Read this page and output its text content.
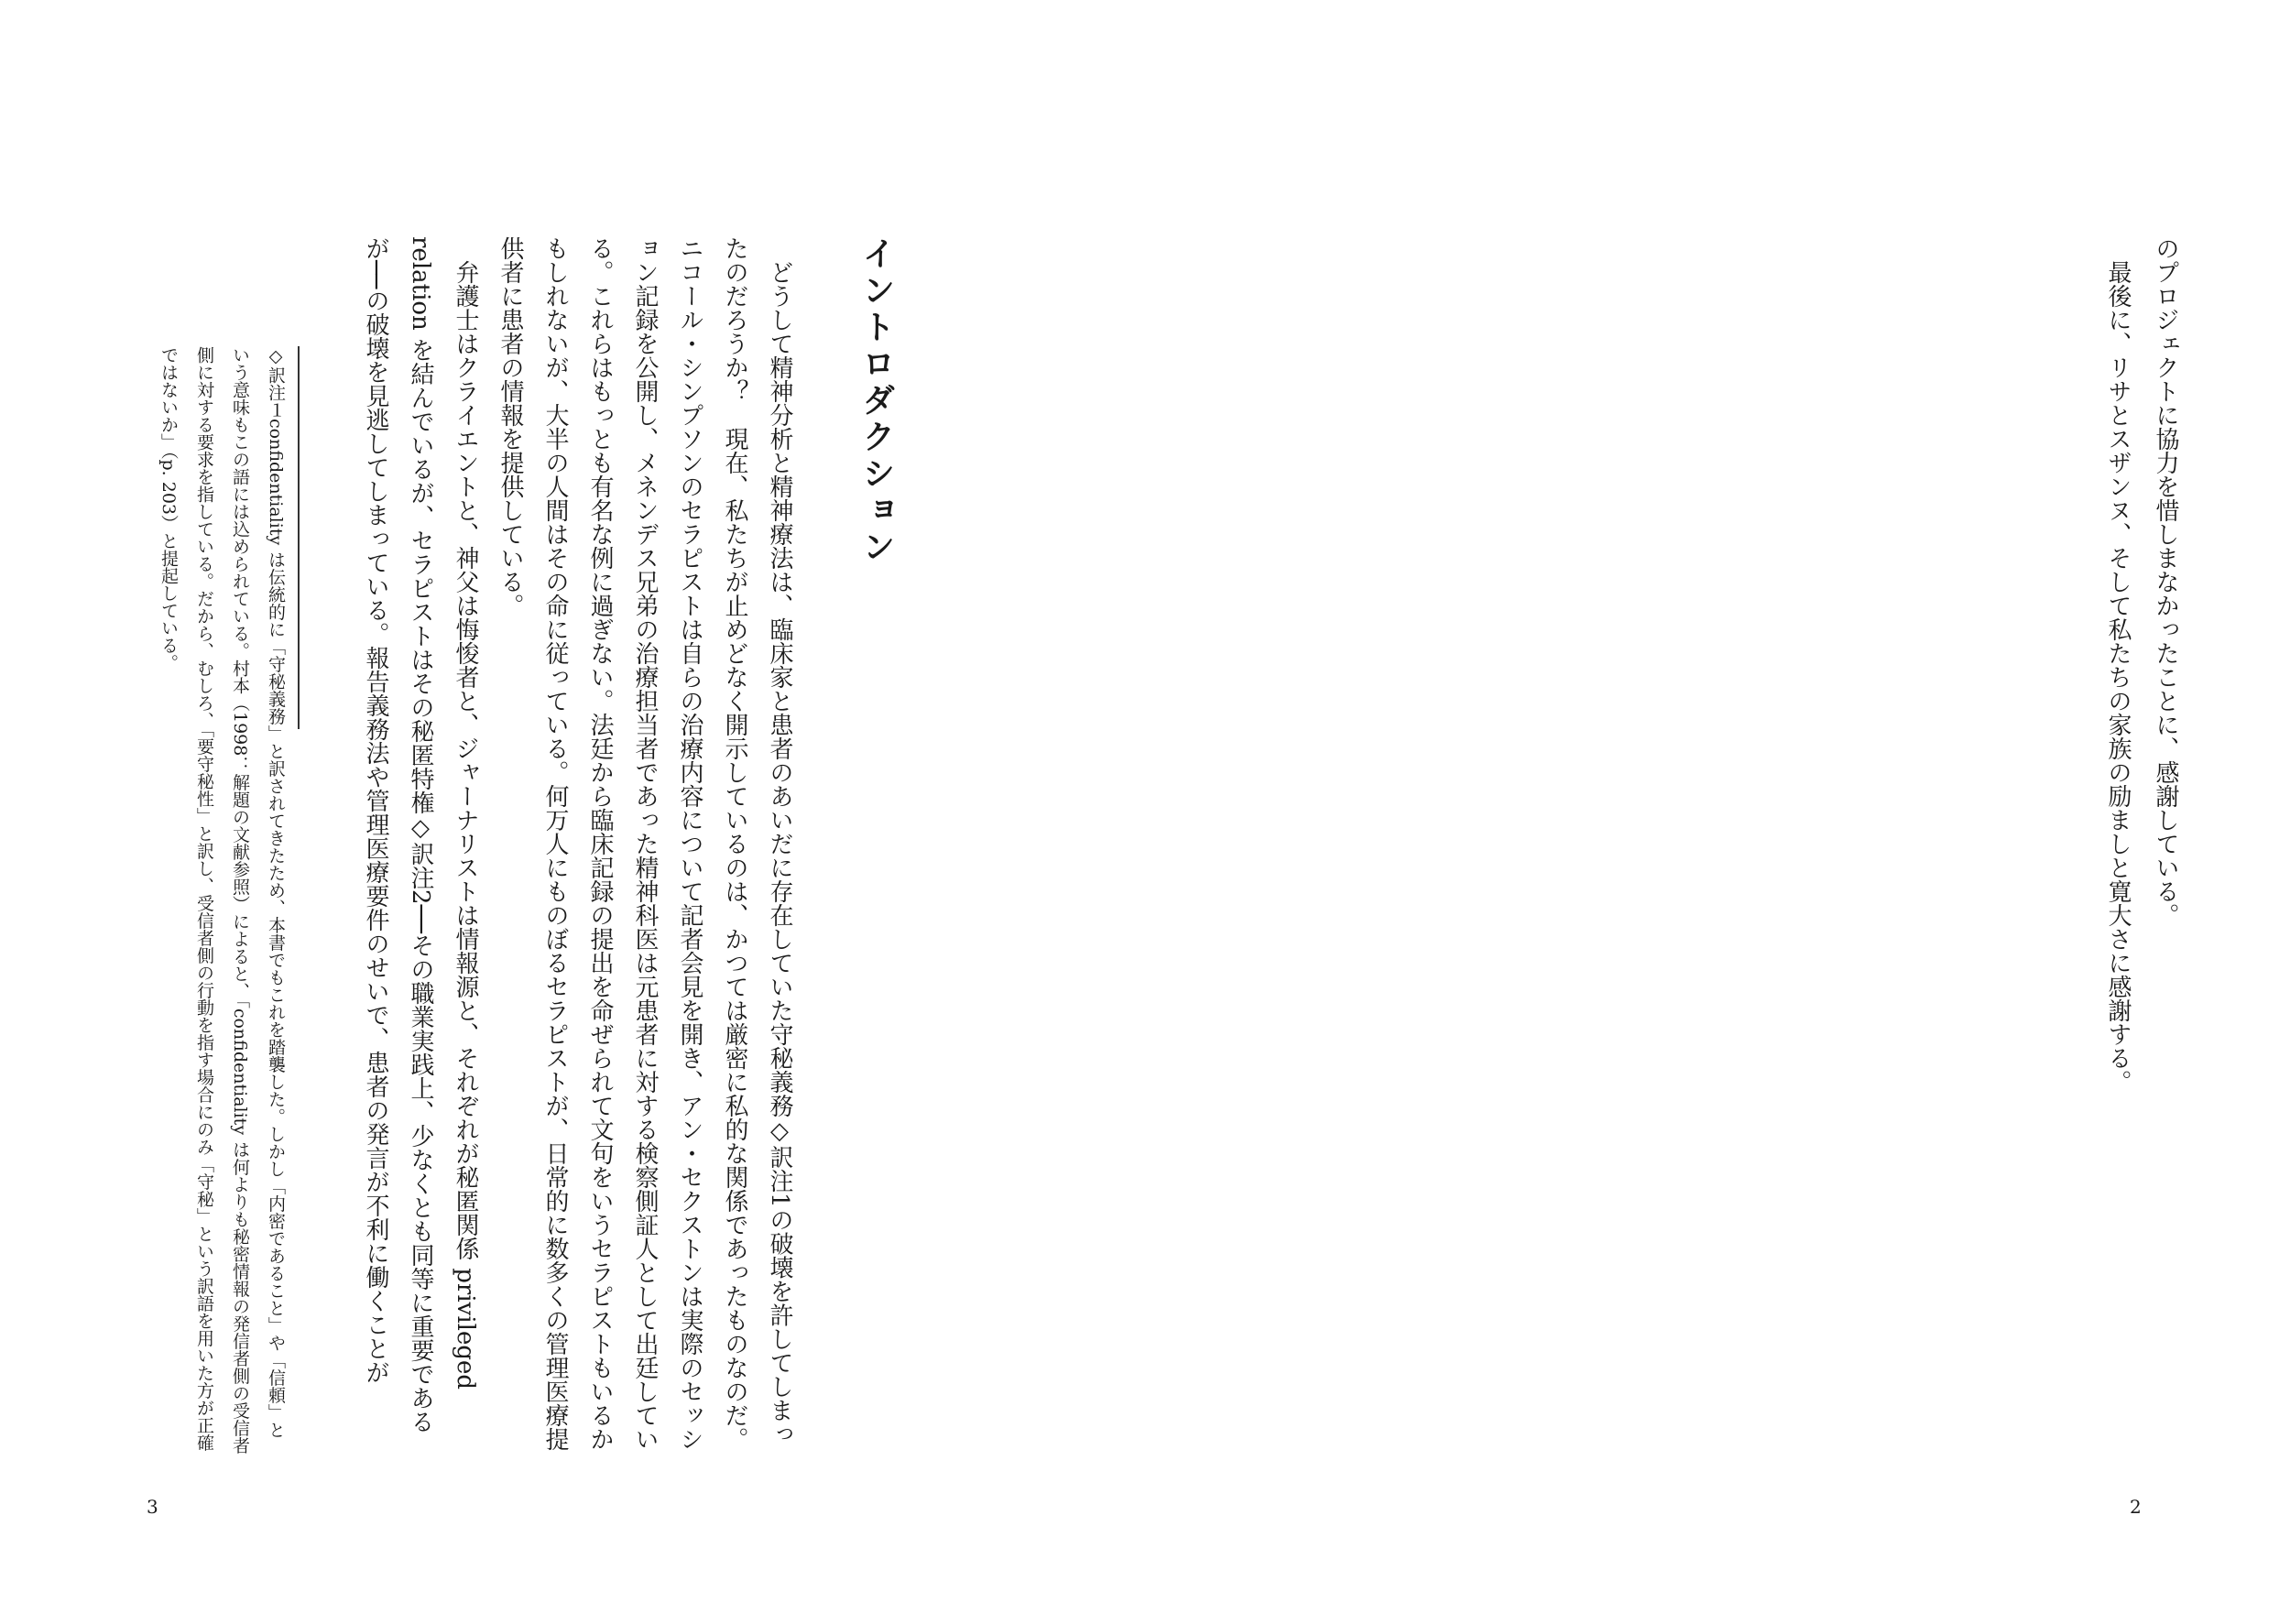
のプロジェクトに協力を惜しまなかったことに、感謝している。
最後に、リサとスザンヌ、そして私たちの家族の励ましと寛大さに感謝する。
2
イントロダクション

どうして精神分析と精神療法は、臨床家と患者のあいだに存在していた守秘義務◇訳注1の破壊を許してしまったのだろうか？　現在、私たちが止めどなく開示しているのは、かつては厳密に私的な関係であったものなのだ。ニコール・シンプソンのセラピストは自らの治療内容について記者会見を開き、アン・セクストンは実際のセッション記録を公開し、メネンデス兄弟の治療担当者であった精神科医は元患者に対する検察側証人として出廷している。これらはもっとも有名な例に過ぎない。法廷から臨床記録の提出を命ぜられて文句をいうセラピストもいるかもしれないが、大半の人間はその命に従っている。何万人にものぼるセラピストが、日常的に数多くの管理医療提供者に患者の情報を提供している。

弁護士はクライエントと、神父は悔悛者と、ジャーナリストは情報源と、それぞれが秘匿関係 privileged relation を結んでいるが、セラピストはその秘匿特権◇訳注2──その職業実践上、少なくとも同等に重要であるが──の破壊を見逃してしまっている。報告義務法や管理医療要件のせいで、患者の発言が不利に働くことが

◇訳注１confidentiality は伝統的に「守秘義務」と訳されてきたため、本書でもこれを踏襲した。しかし「内密であること」や「信頼」という意味もこの語には込められている。村本（1998：解題の文献参照）によると、「confidentiality は何よりも秘密情報の発信者側の受信者側に対する要求を指している。だから、むしろ、「要守秘性」と訳し、受信者側の行動を指す場合にのみ「守秘」という訳語を用いた方が正確ではないか」（p. 203）と提起している。
3
